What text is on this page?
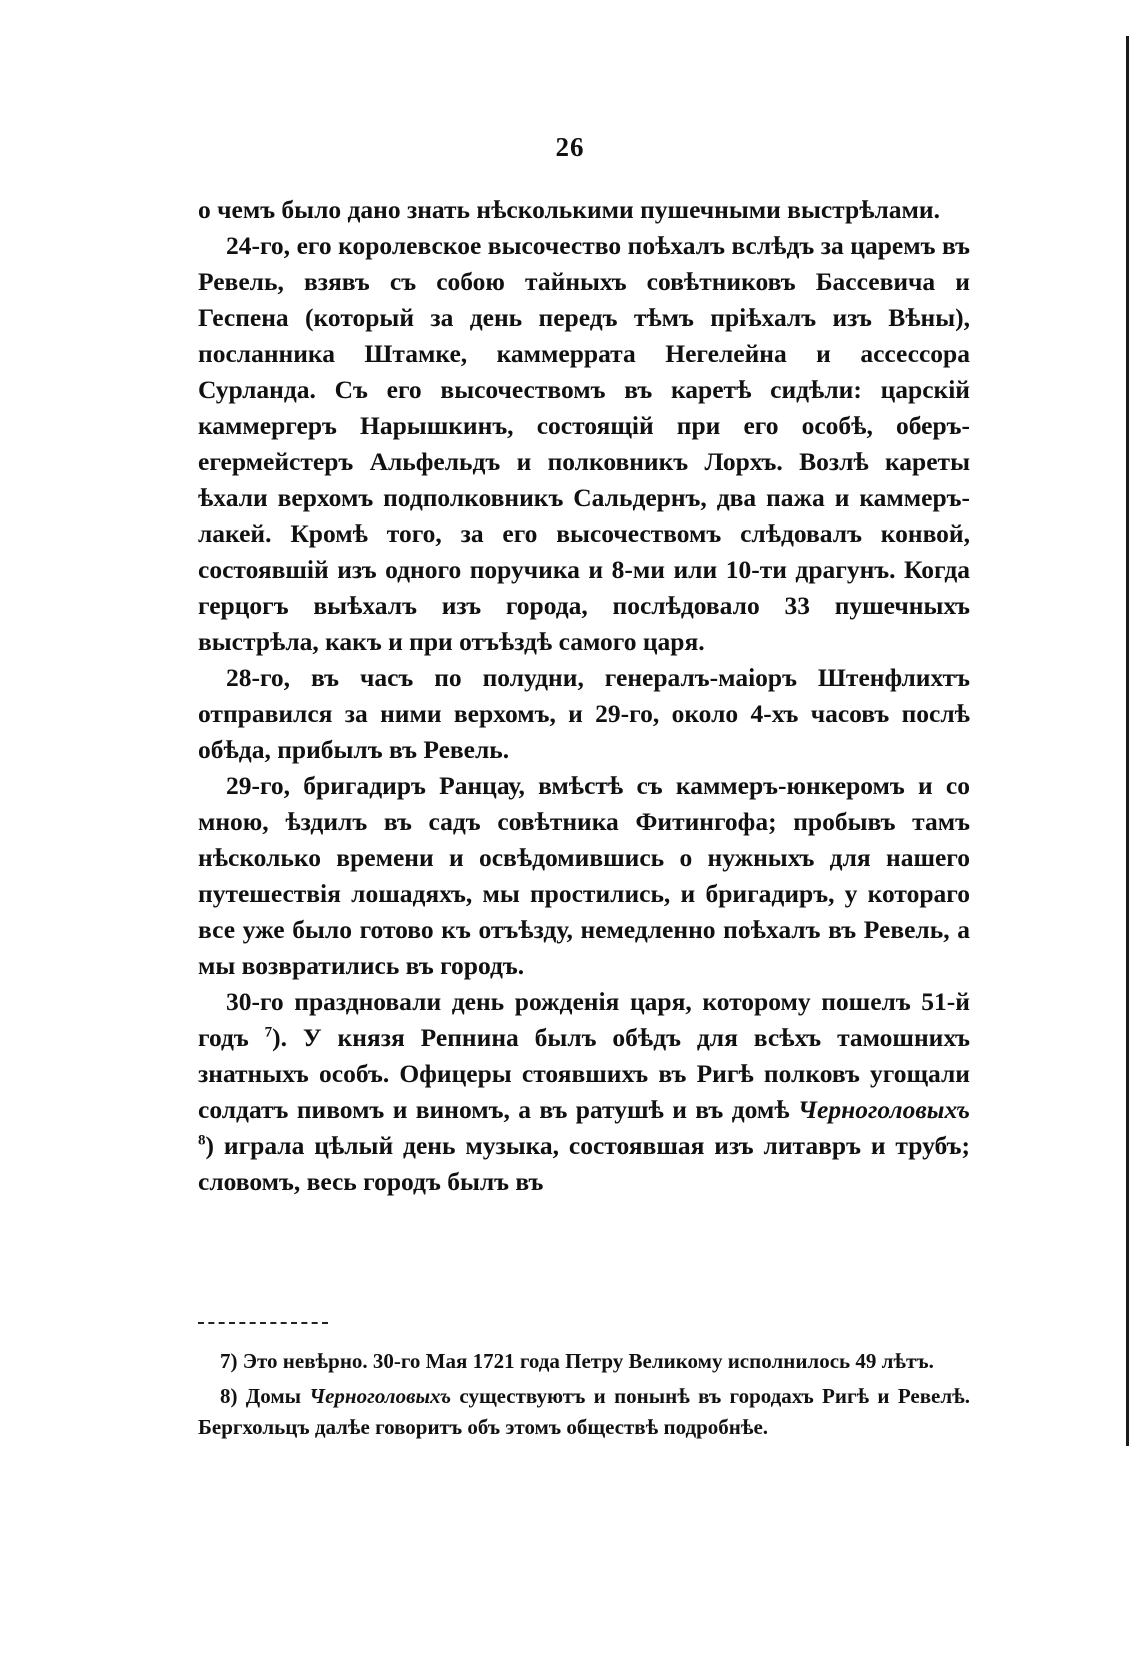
26

о чемъ было дано знать нѣсколькими пушечными выстрѣлами.

24-го, его королевское высочество поѣхалъ вслѣдъ за царемъ въ Ревель, взявъ съ собою тайныхъ совѣтниковъ Бассевича и Геспена (который за день передъ тѣмъ пріѣхалъ изъ Вѣны), посланника Штамке, каммеррата Негелейна и ассессора Сурланда. Съ его высочествомъ въ каретѣ сидѣли: царскій каммергеръ Нарышкинъ, состоящій при его особѣ, оберъ-егермейстеръ Альфельдъ и полковникъ Лорхъ. Возлѣ кареты ѣхали верхомъ подполковникъ Сальдернъ, два пажа и каммеръ-лакей. Кромѣ того, за его высочествомъ слѣдовалъ конвой, состоявшій изъ одного поручика и 8-ми или 10-ти драгунъ. Когда герцогъ выѣхалъ изъ города, послѣдовало 33 пушечныхъ выстрѣла, какъ и при отъѣздѣ самого царя.

28-го, въ часъ по полудни, генералъ-маіоръ Штенфлихтъ отправился за ними верхомъ, и 29-го, около 4-хъ часовъ послѣ обѣда, прибылъ въ Ревель.

29-го, бригадиръ Ранцау, вмѣстѣ съ каммеръ-юнкеромъ и со мною, ѣздилъ въ садъ совѣтника Фитингофа; пробывъ тамъ нѣсколько времени и освѣдомившись о нужныхъ для нашего путешествія лошадяхъ, мы простились, и бригадиръ, у котораго все уже было готово къ отъѣзду, немедленно поѣхалъ въ Ревель, а мы возвратились въ городъ.

30-го праздновали день рожденія царя, которому пошелъ 51-й годъ $^7$). У князя Репнина былъ обѣдъ для всѣхъ тамошнихъ знатныхъ особъ. Офицеры стоявшихъ въ Ригѣ полковъ угощали солдатъ пивомъ и виномъ, а въ ратушѣ и въ домѣ Черноголовыхъ $^8$) играла цѣлый день музыка, состоявшая изъ литавръ и трубъ; словомъ, весь городъ былъ въ

7) Это невѣрно. 30-го Мая 1721 года Петру Великому исполнилось 49 лѣтъ.

8) Домы Черноголовыхъ существуютъ и понынѣ въ городахъ Ригѣ и Ревелѣ. Бергхольцъ далѣе говоритъ объ этомъ обществѣ подробнѣе.
